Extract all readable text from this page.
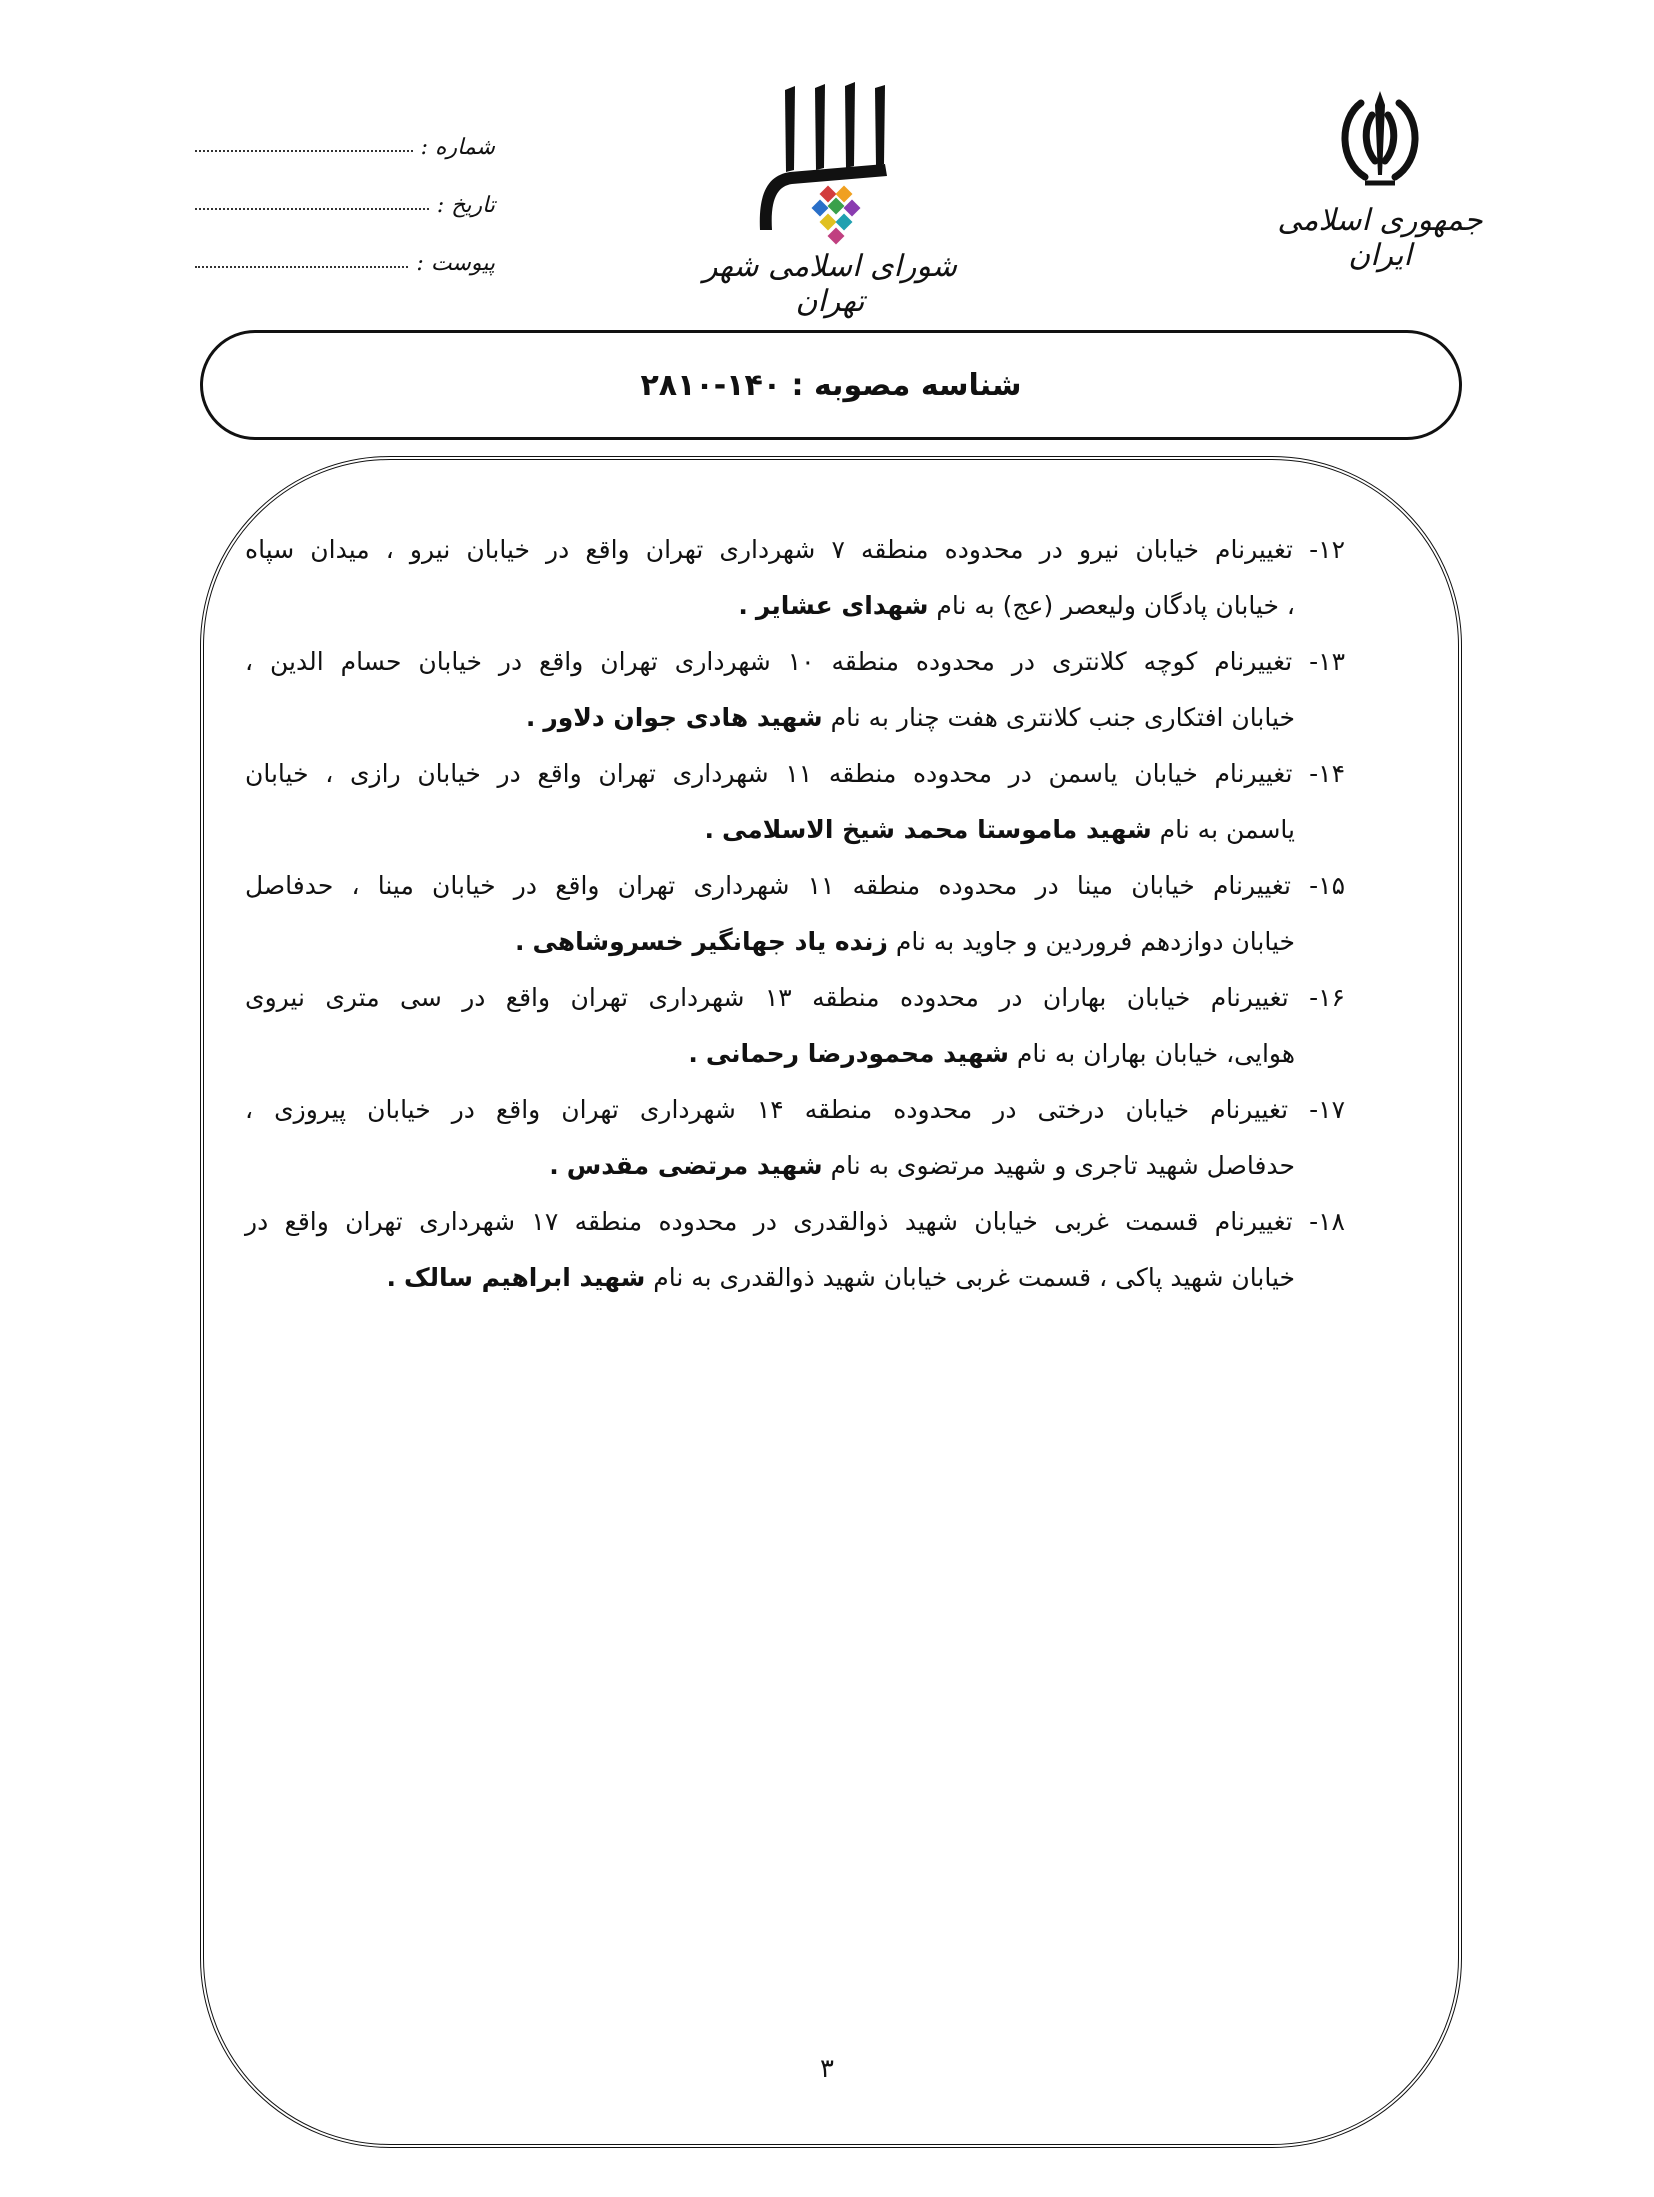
شماره :
تاریخ :
پیوست :	شورای اسلامی شهر تهران
جمهوری اسلامی ایران
شناسه مصوبه : ۱۴۰-۲۸۱۰
۱۲- تغییرنام خیابان نیرو در محدوده منطقه ۷ شهرداری تهران واقع در خیابان نیرو ، میدان سپاه
، خیابان پادگان ولیعصر (عج) به نام شهدای عشایر .
۱۳- تغییرنام کوچه کلانتری در محدوده منطقه ۱۰ شهرداری تهران واقع در خیابان حسام الدین ،
خیابان افتکاری جنب کلانتری هفت چنار به نام شهید هادی جوان دلاور .
۱۴- تغییرنام خیابان یاسمن در محدوده منطقه ۱۱ شهرداری تهران واقع در خیابان رازی ، خیابان
یاسمن به نام شهید ماموستا محمد شیخ الاسلامی .
۱۵- تغییرنام خیابان مینا در محدوده منطقه ۱۱ شهرداری تهران واقع در خیابان مینا ، حدفاصل
خیابان دوازدهم فروردین و جاوید به نام زنده یاد جهانگیر خسروشاهی .
۱۶- تغییرنام خیابان بهاران در محدوده منطقه ۱۳ شهرداری تهران واقع در سی متری نیروی
هوایی، خیابان بهاران به نام شهید محمودرضا رحمانی .
۱۷- تغییرنام خیابان درختی در محدوده منطقه ۱۴ شهرداری تهران واقع در خیابان پیروزی ،
حدفاصل شهید تاجری و شهید مرتضوی به نام شهید مرتضی مقدس .
۱۸- تغییرنام قسمت غربی خیابان شهید ذوالقدری در محدوده منطقه ۱۷ شهرداری تهران واقع در
خیابان شهید پاکی ، قسمت غربی خیابان شهید ذوالقدری به نام شهید ابراهیم سالک .
۳
